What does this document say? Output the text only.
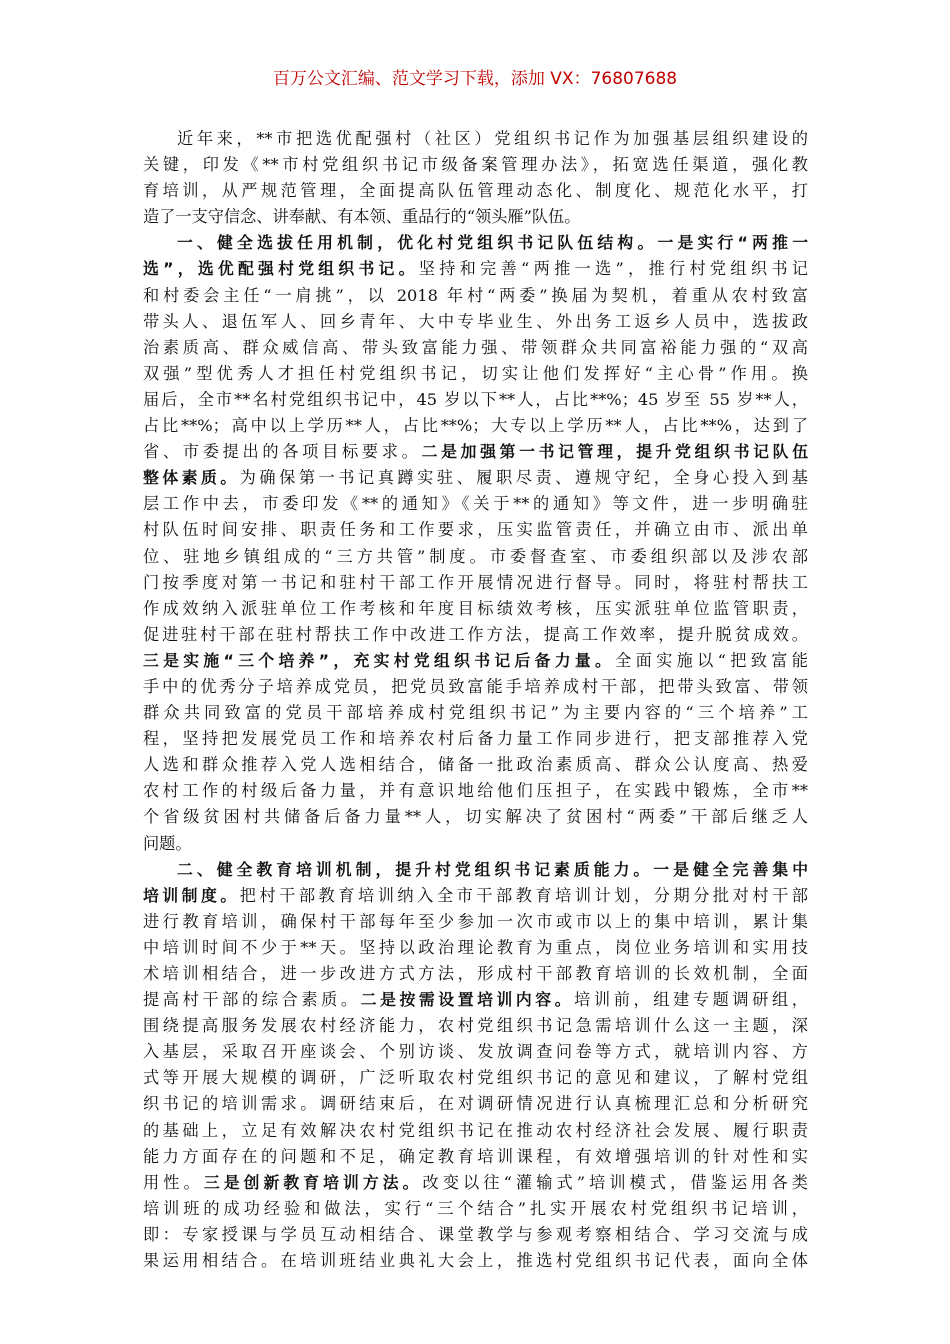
百万公文汇编、范文学习下载，添加 VX：76807688
近年来，**市把选优配强村（社区）党组织书记作为加强基层组织建设的
关键，印发《**市村党组织书记市级备案管理办法》，拓宽选任渠道，强化教
育培训，从严规范管理，全面提高队伍管理动态化、制度化、规范化水平，打
造了一支守信念、讲奉献、有本领、重品行的“领头雁”队伍。
一、健全选拔任用机制，优化村党组织书记队伍结构。一是实行“两推一
选”，选优配强村党组织书记。坚持和完善“两推一选”，推行村党组织书记
和村委会主任“一肩挑”，以 2018 年村“两委”换届为契机，着重从农村致富
带头人、退伍军人、回乡青年、大中专毕业生、外出务工返乡人员中，选拔政
治素质高、群众威信高、带头致富能力强、带领群众共同富裕能力强的“双高
双强”型优秀人才担任村党组织书记，切实让他们发挥好“主心骨”作用。换
届后，全市**名村党组织书记中，45 岁以下**人，占比**%；45 岁至 55 岁**人，
占比**%；高中以上学历**人，占比**%；大专以上学历**人，占比**%，达到了
省、市委提出的各项目标要求。二是加强第一书记管理，提升党组织书记队伍
整体素质。为确保第一书记真蹲实驻、履职尽责、遵规守纪，全身心投入到基
层工作中去，市委印发《**的通知》《关于**的通知》等文件，进一步明确驻
村队伍时间安排、职责任务和工作要求，压实监管责任，并确立由市、派出单
位、驻地乡镇组成的“三方共管”制度。市委督查室、市委组织部以及涉农部
门按季度对第一书记和驻村干部工作开展情况进行督导。同时，将驻村帮扶工
作成效纳入派驻单位工作考核和年度目标绩效考核，压实派驻单位监管职责，
促进驻村干部在驻村帮扶工作中改进工作方法，提高工作效率，提升脱贫成效。
三是实施“三个培养”，充实村党组织书记后备力量。全面实施以“把致富能
手中的优秀分子培养成党员，把党员致富能手培养成村干部，把带头致富、带领
群众共同致富的党员干部培养成村党组织书记”为主要内容的“三个培养”工
程，坚持把发展党员工作和培养农村后备力量工作同步进行，把支部推荐入党
人选和群众推荐入党人选相结合，储备一批政治素质高、群众公认度高、热爱
农村工作的村级后备力量，并有意识地给他们压担子，在实践中锻炼，全市**
个省级贫困村共储备后备力量**人，切实解决了贫困村“两委”干部后继乏人
问题。
二、健全教育培训机制，提升村党组织书记素质能力。一是健全完善集中
培训制度。把村干部教育培训纳入全市干部教育培训计划，分期分批对村干部
进行教育培训，确保村干部每年至少参加一次市或市以上的集中培训，累计集
中培训时间不少于**天。坚持以政治理论教育为重点，岗位业务培训和实用技
术培训相结合，进一步改进方式方法，形成村干部教育培训的长效机制，全面
提高村干部的综合素质。二是按需设置培训内容。培训前，组建专题调研组，
围绕提高服务发展农村经济能力，农村党组织书记急需培训什么这一主题，深
入基层，采取召开座谈会、个别访谈、发放调查问卷等方式，就培训内容、方
式等开展大规模的调研，广泛听取农村党组织书记的意见和建议，了解村党组
织书记的培训需求。调研结束后，在对调研情况进行认真梳理汇总和分析研究
的基础上，立足有效解决农村党组织书记在推动农村经济社会发展、履行职责
能力方面存在的问题和不足，确定教育培训课程，有效增强培训的针对性和实
用性。三是创新教育培训方法。改变以往“灌输式”培训模式，借鉴运用各类
培训班的成功经验和做法，实行“三个结合”扎实开展农村党组织书记培训，
即：专家授课与学员互动相结合、课堂教学与参观考察相结合、学习交流与成
果运用相结合。在培训班结业典礼大会上，推选村党组织书记代表，面向全体
